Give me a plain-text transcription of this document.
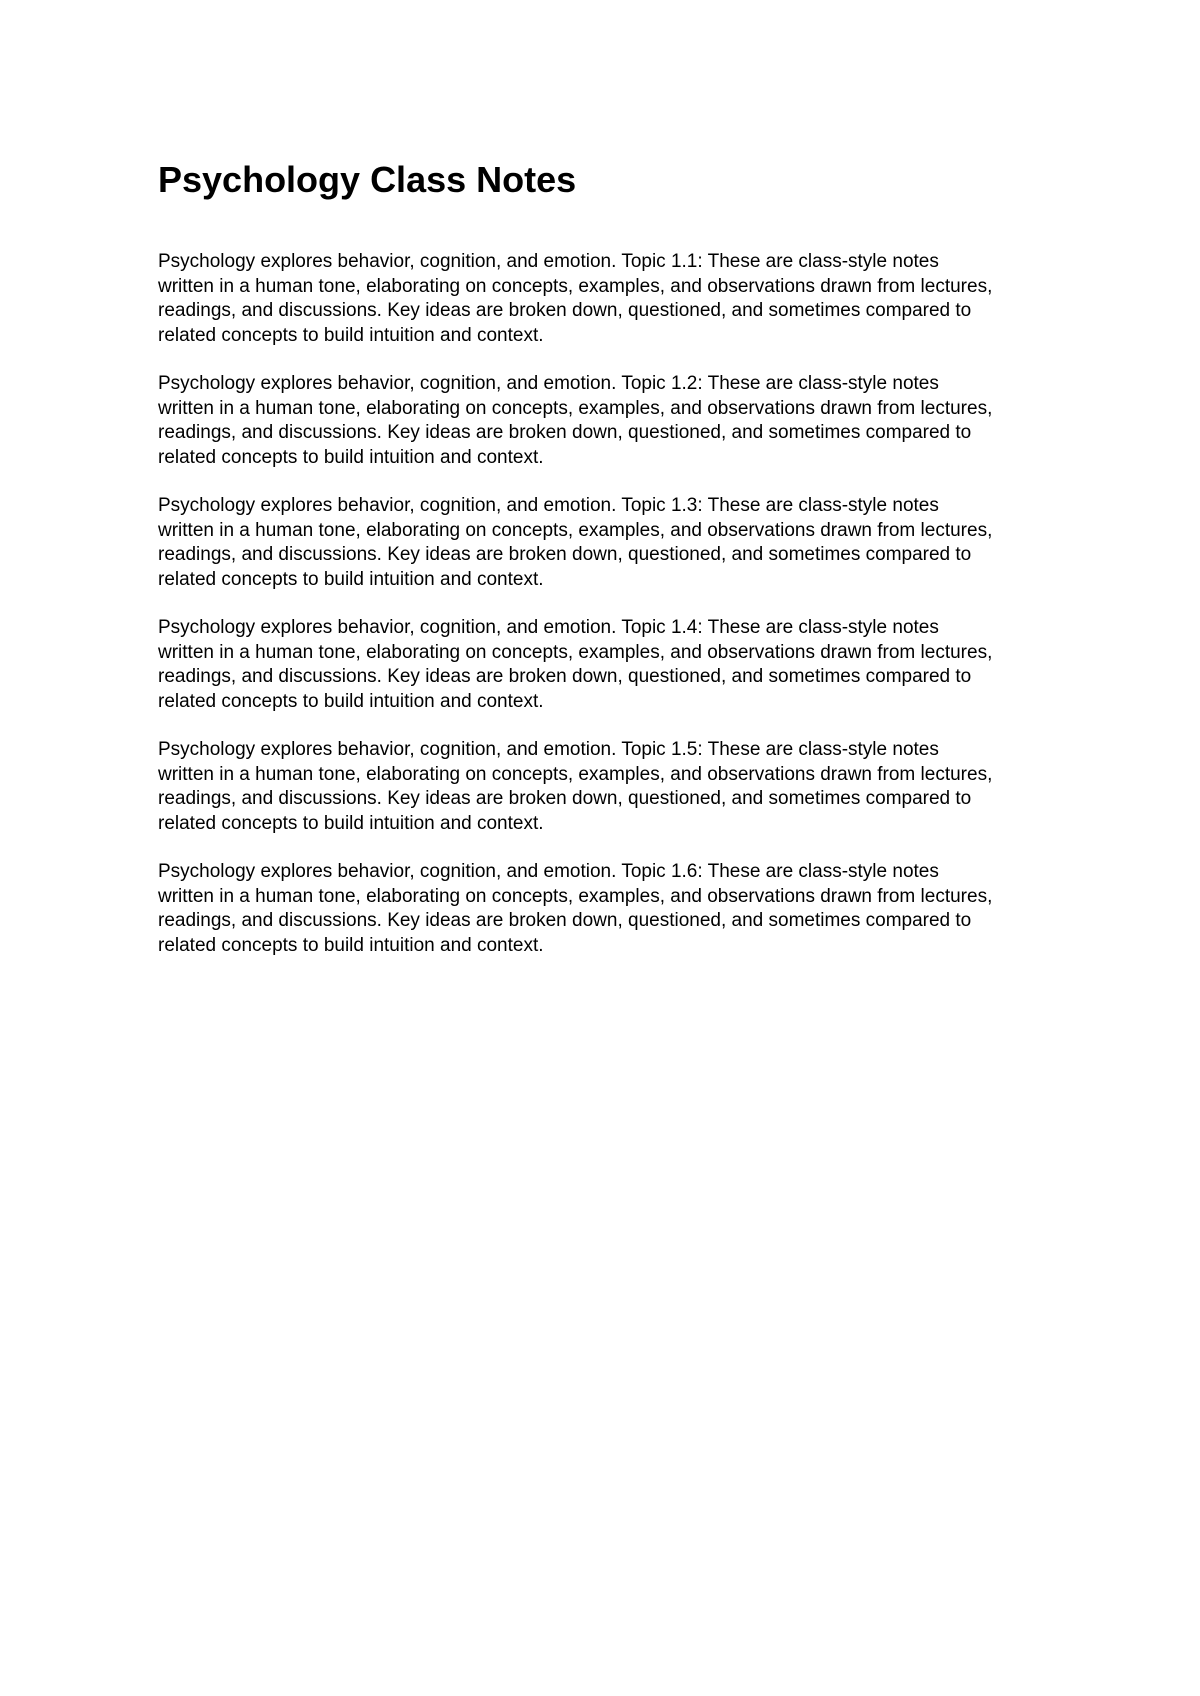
Psychology Class Notes

Psychology explores behavior, cognition, and emotion. Topic 1.1: These are class-style notes
written in a human tone, elaborating on concepts, examples, and observations drawn from lectures,
readings, and discussions. Key ideas are broken down, questioned, and sometimes compared to
related concepts to build intuition and context.

Psychology explores behavior, cognition, and emotion. Topic 1.2: These are class-style notes
written in a human tone, elaborating on concepts, examples, and observations drawn from lectures,
readings, and discussions. Key ideas are broken down, questioned, and sometimes compared to
related concepts to build intuition and context.

Psychology explores behavior, cognition, and emotion. Topic 1.3: These are class-style notes
written in a human tone, elaborating on concepts, examples, and observations drawn from lectures,
readings, and discussions. Key ideas are broken down, questioned, and sometimes compared to
related concepts to build intuition and context.

Psychology explores behavior, cognition, and emotion. Topic 1.4: These are class-style notes
written in a human tone, elaborating on concepts, examples, and observations drawn from lectures,
readings, and discussions. Key ideas are broken down, questioned, and sometimes compared to
related concepts to build intuition and context.

Psychology explores behavior, cognition, and emotion. Topic 1.5: These are class-style notes
written in a human tone, elaborating on concepts, examples, and observations drawn from lectures,
readings, and discussions. Key ideas are broken down, questioned, and sometimes compared to
related concepts to build intuition and context.

Psychology explores behavior, cognition, and emotion. Topic 1.6: These are class-style notes
written in a human tone, elaborating on concepts, examples, and observations drawn from lectures,
readings, and discussions. Key ideas are broken down, questioned, and sometimes compared to
related concepts to build intuition and context.
